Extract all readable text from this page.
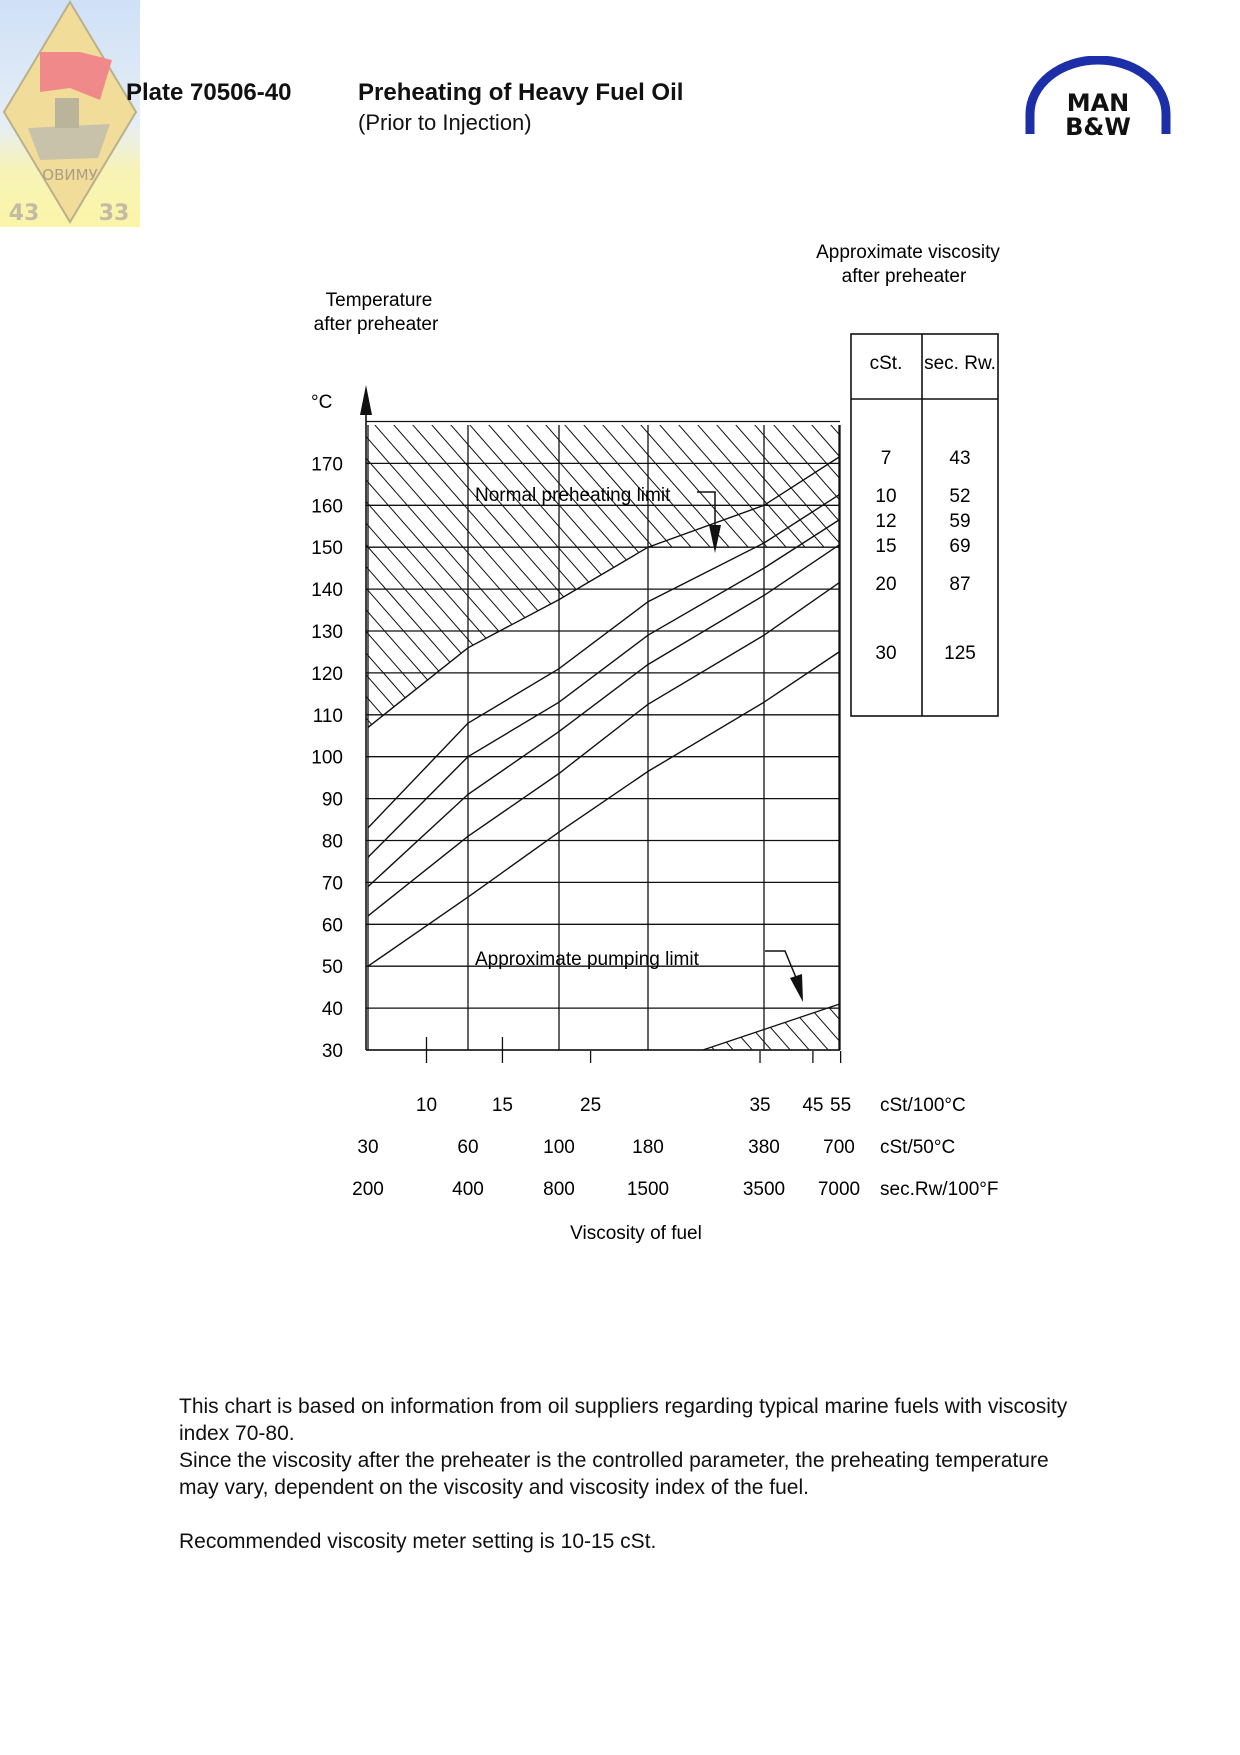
ОВИМУ
43	33
Plate 70506-40	Preheating of Heavy Fuel Oil
(Prior to Injection)
MAN
B&W
30
40
50
60
70
80
90
100
110
120
130
140
150
160
170
10	15	25	35 45 55 cSt/100°C
30	60	100	180	380 700 cSt/50°C
200	400	800	1500	3500 7000 sec.Rw/100°F
Temperature
after preheater
°C
Viscosity of fuel
Normal preheating limit
Approximate pumping limit
Approximate viscosity
after preheater
cSt. sec. Rw.
7	43
10	52
12	59
15	69
20	87
30	125

This chart is based on information from oil suppliers regarding typical marine fuels with viscosity index 70-80.

Since the viscosity after the preheater is the controlled parameter, the preheating temperature may vary, dependent on the viscosity and viscosity index of the fuel.

Recommended viscosity meter setting is 10-15 cSt.
